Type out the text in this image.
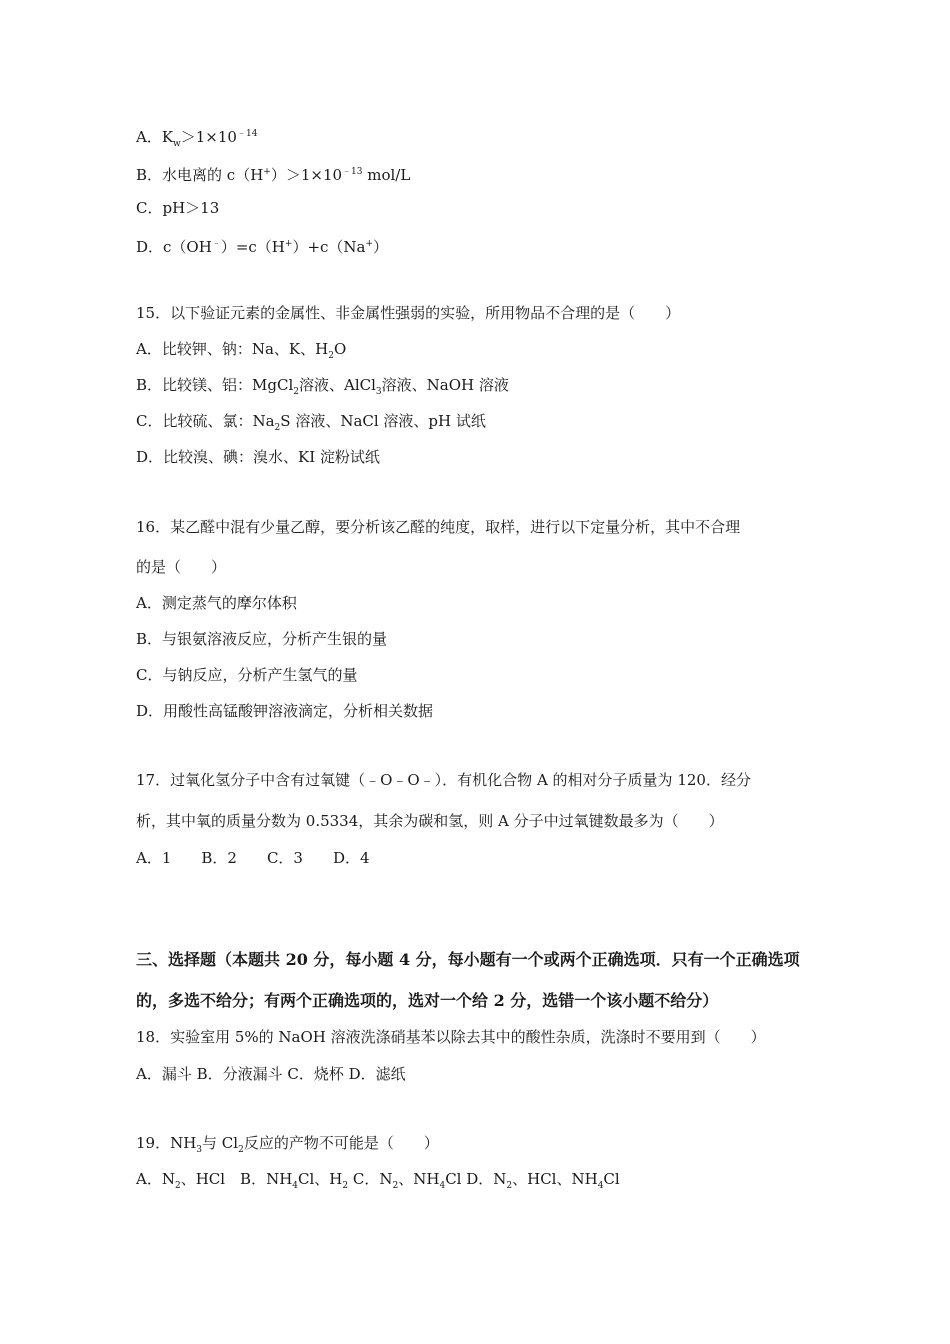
A．$K_w>1\times 10^{﹣14}$
B．水电离的 $c(H^+)>1\times 10^{﹣13}$ mol/L
C．pH＞13
D．c（OH﹣）=c（H+）+c（Na+）
15．以下验证元素的金属性、非金属性强弱的实验，所用物品不合理的是（　　）
A．比较钾、钠：Na、K、$H_2O$
B．比较镁、铝：MgCl$_2$溶液、AlCl$_3$溶液、NaOH 溶液
C．比较硫、氯：$Na_2S$ 溶液、NaCl 溶液、pH 试纸
D．比较溴、碘：溴水、KI 淀粉试纸
16．某乙醛中混有少量乙醇，要分析该乙醛的纯度，取样，进行以下定量分析，其中不合理
的是（　　）
A．测定蒸气的摩尔体积
B．与银氨溶液反应，分析产生银的量
C．与钠反应，分析产生氢气的量
D．用酸性高锰酸钾溶液滴定，分析相关数据
17．过氧化氢分子中含有过氧键（﹣O﹣O﹣）．有机化合物 A 的相对分子质量为 120．经分
析，其中氧的质量分数为 0.5334，其余为碳和氢，则 A 分子中过氧键数最多为（　　）
A．1　　B．2　　C．3　　D．4
三、选择题（本题共 20 分，每小题 4 分，每小题有一个或两个正确选项．只有一个正确选项
的，多选不给分；有两个正确选项的，选对一个给 2 分，选错一个该小题不给分）
18．实验室用 5%的 NaOH 溶液洗涤硝基苯以除去其中的酸性杂质，洗涤时不要用到（　　）
A．漏斗 B．分液漏斗 C．烧杯 D．滤纸
19．$NH_3$与 $Cl_2$反应的产物不可能是（　　）
A．$N_2$、HCl　B．$NH_4Cl$、$H_2$ C．$N_2$、$NH_4Cl$ D．$N_2$、HCl、$NH_4Cl$
